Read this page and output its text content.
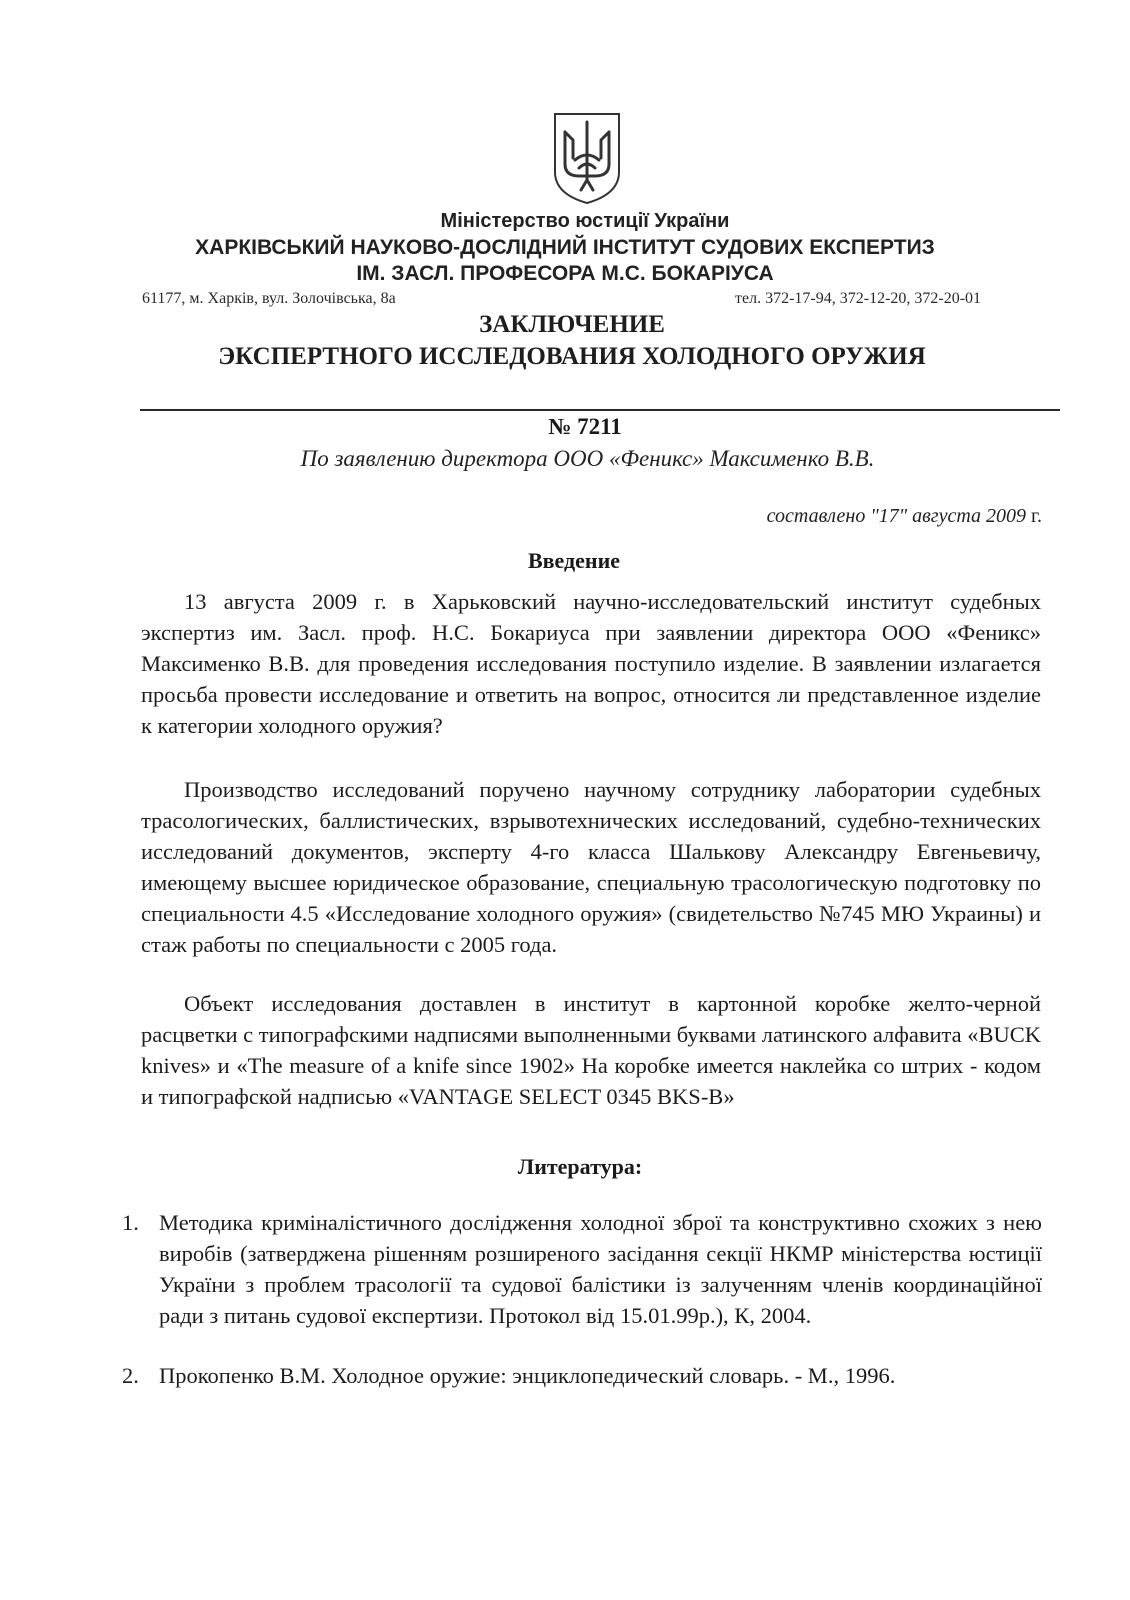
Міністерство юстиції України
ХАРКІВСЬКИЙ НАУКОВО-ДОСЛІДНИЙ ІНСТИТУТ СУДОВИХ ЕКСПЕРТИЗ
ІМ. ЗАСЛ. ПРОФЕСОРА М.С. БОКАРІУСА
61177, м. Харків, вул. Золочівська, 8а	тел. 372-17-94, 372-12-20, 372-20-01
ЗАКЛЮЧЕНИЕ
ЭКСПЕРТНОГО ИССЛЕДОВАНИЯ ХОЛОДНОГО ОРУЖИЯ
№ 7211
По заявлению директора ООО «Феникс» Максименко В.В.
составлено "17" августа 2009 г.
Введение

13 августа 2009 г. в Харьковский научно-исследовательский институт судебных экспертиз им. Засл. проф. Н.С. Бокариуса при заявлении директора ООО «Феникс» Максименко В.В. для проведения исследования поступило изделие. В заявлении излагается просьба провести исследование и ответить на вопрос, относится ли представленное изделие к категории холодного оружия?

Производство исследований поручено научному сотруднику лаборатории судебных трасологических, баллистических, взрывотехнических исследований, судебно-технических исследований документов, эксперту 4-го класса Шалькову Александру Евгеньевичу, имеющему высшее юридическое образование, специальную трасологическую подготовку по специальности 4.5 «Исследование холодного оружия» (свидетельство №745 МЮ Украины) и стаж работы по специальности с 2005 года.

Объект исследования доставлен в институт в картонной коробке желто-черной расцветки с типографскими надписями выполненными буквами латинского алфавита «BUCK knives» и «The measure of a knife since 1902» На коробке имеется наклейка со штрих - кодом и типографской надписью «VANTAGE SELECT 0345 BKS-B»

Литература:
1. Методика криміналістичного дослідження холодної зброї та конструктивно схожих з нею виробів (затверджена рішенням розширеного засідання секції НКМР міністерства юстиції України з проблем трасології та судової балістики із залученням членів координаційної ради з питань судової експертизи. Протокол від 15.01.99р.), К, 2004.
2. Прокопенко В.М. Холодное оружие: энциклопедический словарь. - М., 1996.
